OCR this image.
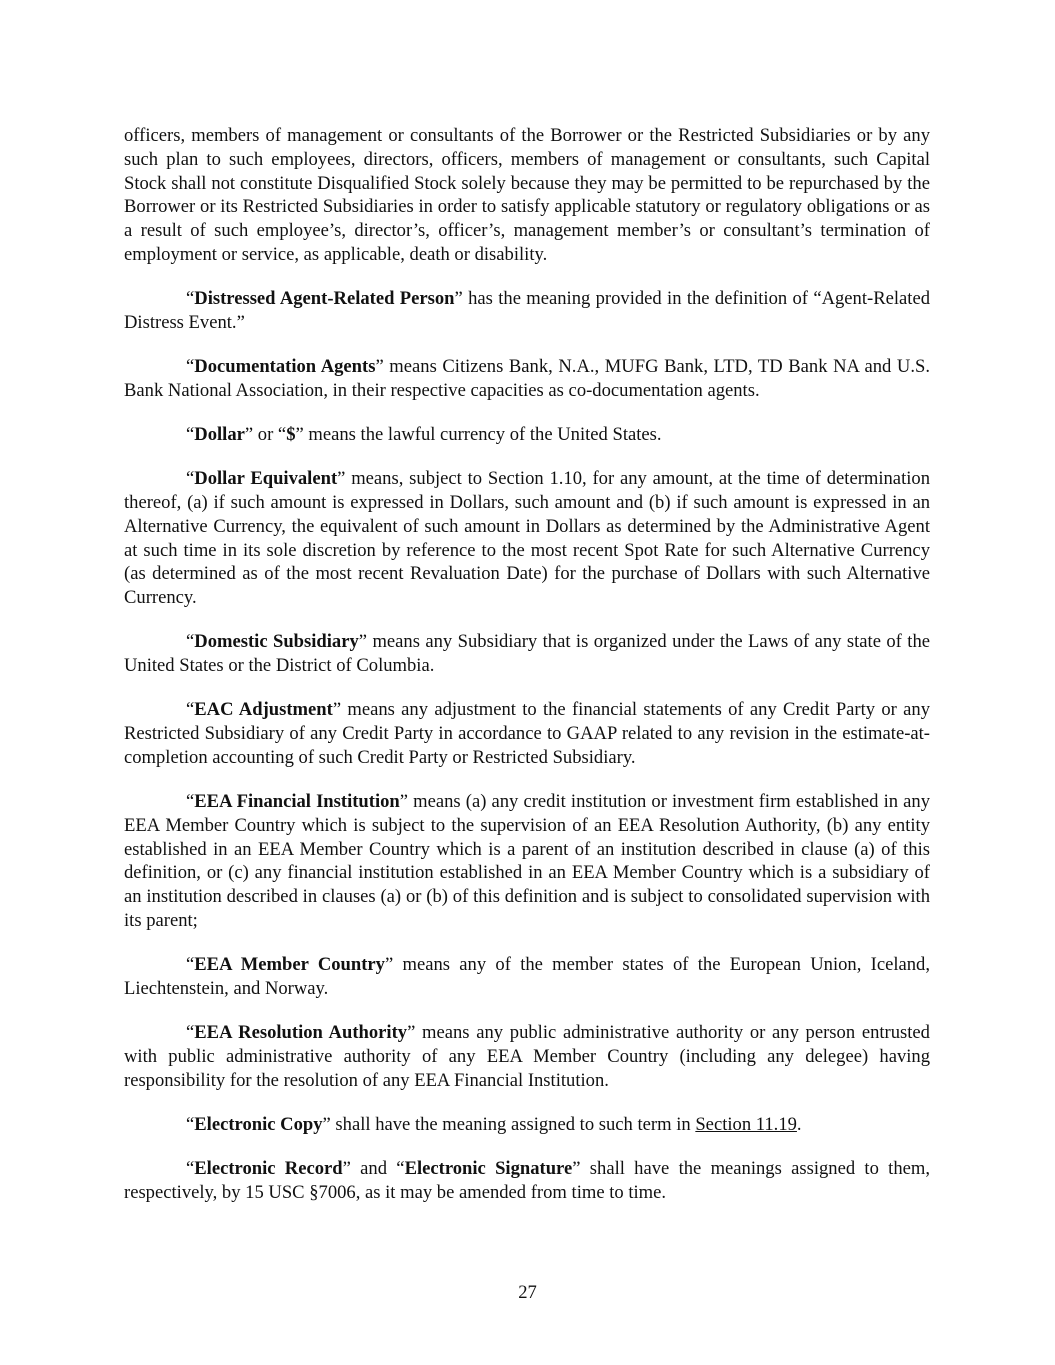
officers, members of management or consultants of the Borrower or the Restricted Subsidiaries or by any such plan to such employees, directors, officers, members of management or consultants, such Capital Stock shall not constitute Disqualified Stock solely because they may be permitted to be repurchased by the Borrower or its Restricted Subsidiaries in order to satisfy applicable statutory or regulatory obligations or as a result of such employee’s, director’s, officer’s, management member’s or consultant’s termination of employment or service, as applicable, death or disability.

“Distressed Agent-Related Person” has the meaning provided in the definition of “Agent-Related Distress Event.”

“Documentation Agents” means Citizens Bank, N.A., MUFG Bank, LTD, TD Bank NA and U.S. Bank National Association, in their respective capacities as co-documentation agents.

“Dollar” or “$” means the lawful currency of the United States.

“Dollar Equivalent” means, subject to Section 1.10, for any amount, at the time of determination thereof, (a) if such amount is expressed in Dollars, such amount and (b) if such amount is expressed in an Alternative Currency, the equivalent of such amount in Dollars as determined by the Administrative Agent at such time in its sole discretion by reference to the most recent Spot Rate for such Alternative Currency (as determined as of the most recent Revaluation Date) for the purchase of Dollars with such Alternative Currency.

“Domestic Subsidiary” means any Subsidiary that is organized under the Laws of any state of the United States or the District of Columbia.

“EAC Adjustment” means any adjustment to the financial statements of any Credit Party or any Restricted Subsidiary of any Credit Party in accordance to GAAP related to any revision in the estimate-at-completion accounting of such Credit Party or Restricted Subsidiary.

“EEA Financial Institution” means (a) any credit institution or investment firm established in any EEA Member Country which is subject to the supervision of an EEA Resolution Authority, (b) any entity established in an EEA Member Country which is a parent of an institution described in clause (a) of this definition, or (c) any financial institution established in an EEA Member Country which is a subsidiary of an institution described in clauses (a) or (b) of this definition and is subject to consolidated supervision with its parent;

“EEA Member Country” means any of the member states of the European Union, Iceland, Liechtenstein, and Norway.

“EEA Resolution Authority” means any public administrative authority or any person entrusted with public administrative authority of any EEA Member Country (including any delegee) having responsibility for the resolution of any EEA Financial Institution.

“Electronic Copy” shall have the meaning assigned to such term in Section 11.19.

“Electronic Record” and “Electronic Signature” shall have the meanings assigned to them, respectively, by 15 USC §7006, as it may be amended from time to time.

27
